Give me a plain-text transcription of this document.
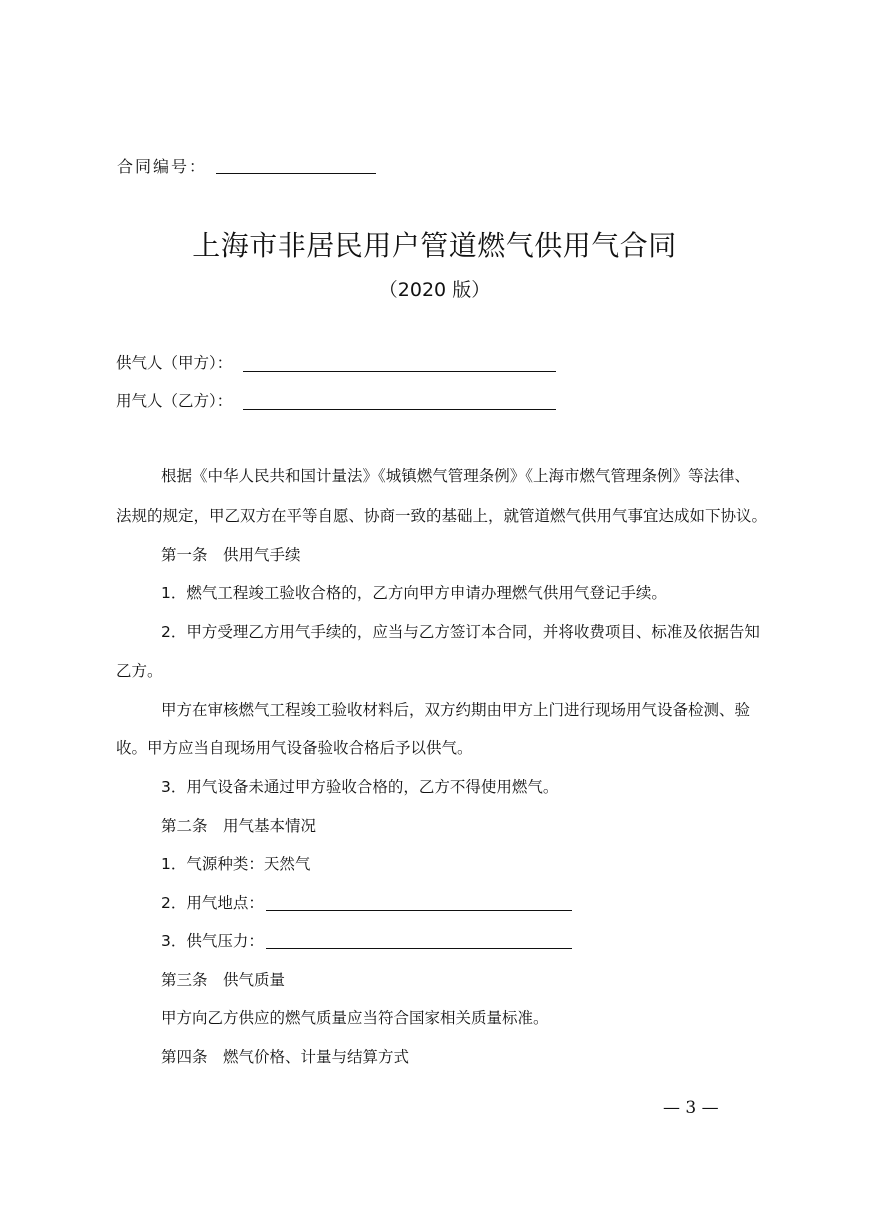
合同编号：
上海市非居民用户管道燃气供用气合同
（2020 版）
供气人（甲方）：
用气人（乙方）：
根据《中华人民共和国计量法》《城镇燃气管理条例》《上海市燃气管理条例》等法律、
法规的规定，甲乙双方在平等自愿、协商一致的基础上，就管道燃气供用气事宜达成如下协议。
第一条　供用气手续
1．燃气工程竣工验收合格的，乙方向甲方申请办理燃气供用气登记手续。
2．甲方受理乙方用气手续的，应当与乙方签订本合同，并将收费项目、标准及依据告知
乙方。
甲方在审核燃气工程竣工验收材料后，双方约期由甲方上门进行现场用气设备检测、验
收。甲方应当自现场用气设备验收合格后予以供气。
3．用气设备未通过甲方验收合格的，乙方不得使用燃气。
第二条　用气基本情况
1．气源种类：天然气
2．用气地点：
3．供气压力：
第三条　供气质量
甲方向乙方供应的燃气质量应当符合国家相关质量标准。
第四条　燃气价格、计量与结算方式
— 3 —
